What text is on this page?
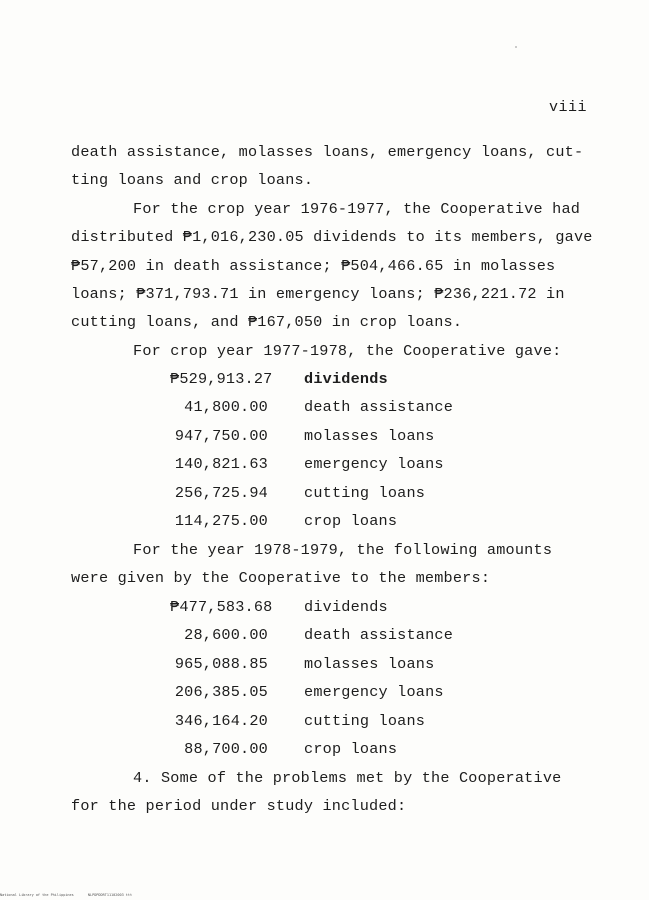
viii
death assistance, molasses loans, emergency loans, cut-
ting loans and crop loans.
For the crop year 1976-1977, the Cooperative had
distributed ₱1,016,230.05 dividends to its members, gave
₱57,200 in death assistance; ₱504,466.65 in molasses
loans; ₱371,793.71 in emergency loans; ₱236,221.72 in
cutting loans, and ₱167,050 in crop loans.
For crop year 1977-1978, the Cooperative gave:
₱529,913.27 dividends
41,800.00 death assistance
947,750.00 molasses loans
140,821.63 emergency loans
256,725.94 cutting loans
114,275.00 crop loans
For the year 1978-1979, the following amounts
were given by the Cooperative to the members:
₱477,583.68 dividends
28,600.00 death assistance
965,088.85 molasses loans
206,385.05 emergency loans
346,164.20 cutting loans
88,700.00 crop loans
4. Some of the problems met by the Cooperative
for the period under study included:
National Library of the Philippines	NLPDPDDRT11102003 ttt
